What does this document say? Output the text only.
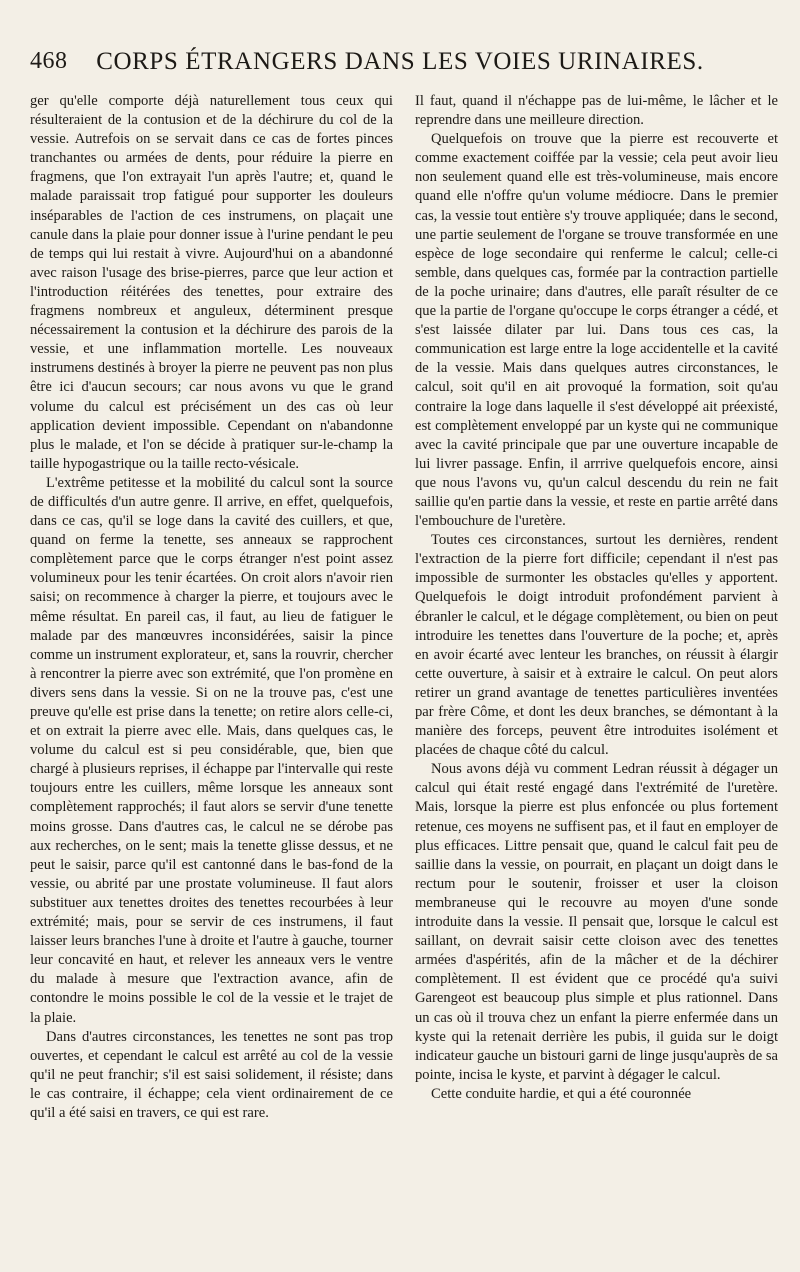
468	CORPS ÉTRANGERS DANS LES VOIES URINAIRES.

ger qu'elle comporte déjà naturellement tous ceux qui résulteraient de la contusion et de la déchirure du col de la vessie. Autrefois on se servait dans ce cas de fortes pinces tranchantes ou armées de dents, pour réduire la pierre en fragmens, que l'on extrayait l'un après l'autre; et, quand le malade paraissait trop fatigué pour supporter les douleurs inséparables de l'action de ces instrumens, on plaçait une canule dans la plaie pour donner issue à l'urine pendant le peu de temps qui lui restait à vivre. Aujourd'hui on a abandonné avec raison l'usage des brise-pierres, parce que leur action et l'introduction réitérées des tenettes, pour extraire des fragmens nombreux et anguleux, déterminent presque nécessairement la contusion et la déchirure des parois de la vessie, et une inflammation mortelle. Les nouveaux instrumens destinés à broyer la pierre ne peuvent pas non plus être ici d'aucun secours; car nous avons vu que le grand volume du calcul est précisément un des cas où leur application devient impossible. Cependant on n'abandonne plus le malade, et l'on se décide à pratiquer sur-le-champ la taille hypogastrique ou la taille recto-vésicale.

L'extrême petitesse et la mobilité du calcul sont la source de difficultés d'un autre genre. Il arrive, en effet, quelquefois, dans ce cas, qu'il se loge dans la cavité des cuillers, et que, quand on ferme la tenette, ses anneaux se rapprochent complètement parce que le corps étranger n'est point assez volumineux pour les tenir écartées. On croit alors n'avoir rien saisi; on recommence à charger la pierre, et toujours avec le même résultat. En pareil cas, il faut, au lieu de fatiguer le malade par des manœuvres inconsidérées, saisir la pince comme un instrument explorateur, et, sans la rouvrir, chercher à rencontrer la pierre avec son extrémité, que l'on promène en divers sens dans la vessie. Si on ne la trouve pas, c'est une preuve qu'elle est prise dans la tenette; on retire alors celle-ci, et on extrait la pierre avec elle. Mais, dans quelques cas, le volume du calcul est si peu considérable, que, bien que chargé à plusieurs reprises, il échappe par l'intervalle qui reste toujours entre les cuillers, même lorsque les anneaux sont complètement rapprochés; il faut alors se servir d'une tenette moins grosse. Dans d'autres cas, le calcul ne se dérobe pas aux recherches, on le sent; mais la tenette glisse dessus, et ne peut le saisir, parce qu'il est cantonné dans le bas-fond de la vessie, ou abrité par une prostate volumineuse. Il faut alors substituer aux tenettes droites des tenettes recourbées à leur extrémité; mais, pour se servir de ces instrumens, il faut laisser leurs branches l'une à droite et l'autre à gauche, tourner leur concavité en haut, et relever les anneaux vers le ventre du malade à mesure que l'extraction avance, afin de contondre le moins possible le col de la vessie et le trajet de la plaie.

Dans d'autres circonstances, les tenettes ne sont pas trop ouvertes, et cependant le calcul est arrêté au col de la vessie qu'il ne peut franchir; s'il est saisi solidement, il résiste; dans le cas contraire, il échappe; cela vient ordinairement de ce qu'il a été saisi en travers, ce qui est rare.

Il faut, quand il n'échappe pas de lui-même, le lâcher et le reprendre dans une meilleure direction.

Quelquefois on trouve que la pierre est recouverte et comme exactement coiffée par la vessie; cela peut avoir lieu non seulement quand elle est très-volumineuse, mais encore quand elle n'offre qu'un volume médiocre. Dans le premier cas, la vessie tout entière s'y trouve appliquée; dans le second, une partie seulement de l'organe se trouve transformée en une espèce de loge secondaire qui renferme le calcul; celle-ci semble, dans quelques cas, formée par la contraction partielle de la poche urinaire; dans d'autres, elle paraît résulter de ce que la partie de l'organe qu'occupe le corps étranger a cédé, et s'est laissée dilater par lui. Dans tous ces cas, la communication est large entre la loge accidentelle et la cavité de la vessie. Mais dans quelques autres circonstances, le calcul, soit qu'il en ait provoqué la formation, soit qu'au contraire la loge dans laquelle il s'est développé ait préexisté, est complètement enveloppé par un kyste qui ne communique avec la cavité principale que par une ouverture incapable de lui livrer passage. Enfin, il arrrive quelquefois encore, ainsi que nous l'avons vu, qu'un calcul descendu du rein ne fait saillie qu'en partie dans la vessie, et reste en partie arrêté dans l'embouchure de l'uretère.

Toutes ces circonstances, surtout les dernières, rendent l'extraction de la pierre fort difficile; cependant il n'est pas impossible de surmonter les obstacles qu'elles y apportent. Quelquefois le doigt introduit profondément parvient à ébranler le calcul, et le dégage complètement, ou bien on peut introduire les tenettes dans l'ouverture de la poche; et, après en avoir écarté avec lenteur les branches, on réussit à élargir cette ouverture, à saisir et à extraire le calcul. On peut alors retirer un grand avantage de tenettes particulières inventées par frère Côme, et dont les deux branches, se démontant à la manière des forceps, peuvent être introduites isolément et placées de chaque côté du calcul.

Nous avons déjà vu comment Ledran réussit à dégager un calcul qui était resté engagé dans l'extrémité de l'uretère. Mais, lorsque la pierre est plus enfoncée ou plus fortement retenue, ces moyens ne suffisent pas, et il faut en employer de plus efficaces. Littre pensait que, quand le calcul fait peu de saillie dans la vessie, on pourrait, en plaçant un doigt dans le rectum pour le soutenir, froisser et user la cloison membraneuse qui le recouvre au moyen d'une sonde introduite dans la vessie. Il pensait que, lorsque le calcul est saillant, on devrait saisir cette cloison avec des tenettes armées d'aspérités, afin de la mâcher et de la déchirer complètement. Il est évident que ce procédé qu'a suivi Garengeot est beaucoup plus simple et plus rationnel. Dans un cas où il trouva chez un enfant la pierre enfermée dans un kyste qui la retenait derrière les pubis, il guida sur le doigt indicateur gauche un bistouri garni de linge jusqu'auprès de sa pointe, incisa le kyste, et parvint à dégager le calcul.

Cette conduite hardie, et qui a été couronnée
